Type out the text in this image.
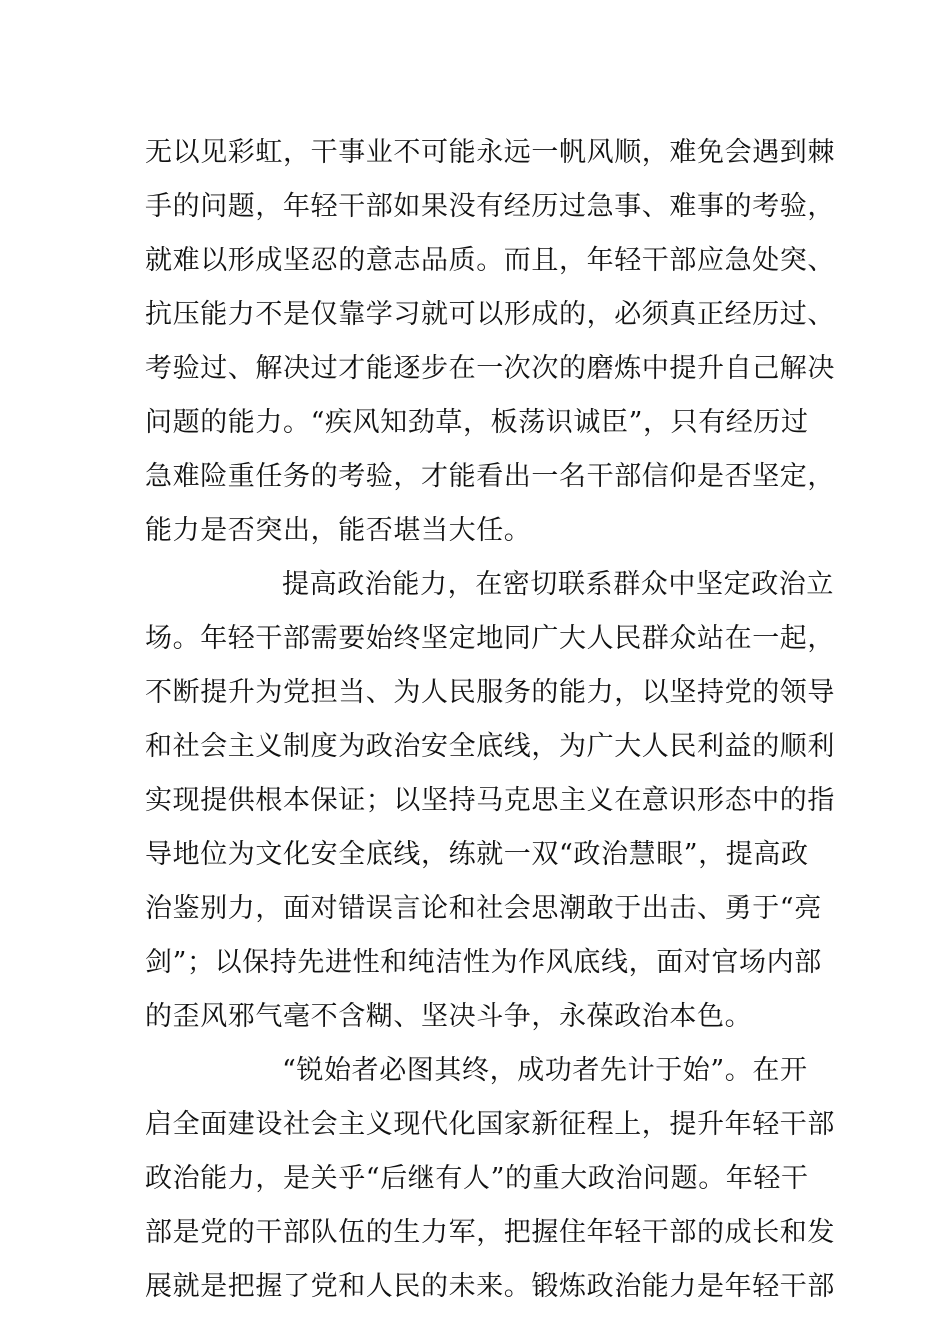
无以见彩虹，干事业不可能永远一帆风顺，难免会遇到棘
手的问题，年轻干部如果没有经历过急事、难事的考验，
就难以形成坚忍的意志品质。而且，年轻干部应急处突、
抗压能力不是仅靠学习就可以形成的，必须真正经历过、
考验过、解决过才能逐步在一次次的磨炼中提升自己解决
问题的能力。“疾风知劲草，板荡识诚臣”，只有经历过
急难险重任务的考验，才能看出一名干部信仰是否坚定，
能力是否突出，能否堪当大任。
提高政治能力，在密切联系群众中坚定政治立
场。年轻干部需要始终坚定地同广大人民群众站在一起，
不断提升为党担当、为人民服务的能力，以坚持党的领导
和社会主义制度为政治安全底线，为广大人民利益的顺利
实现提供根本保证；以坚持马克思主义在意识形态中的指
导地位为文化安全底线，练就一双“政治慧眼”，提高政
治鉴别力，面对错误言论和社会思潮敢于出击、勇于“亮
剑”；以保持先进性和纯洁性为作风底线，面对官场内部
的歪风邪气毫不含糊、坚决斗争，永葆政治本色。
“锐始者必图其终，成功者先计于始”。在开
启全面建设社会主义现代化国家新征程上，提升年轻干部
政治能力，是关乎“后继有人”的重大政治问题。年轻干
部是党的干部队伍的生力军，把握住年轻干部的成长和发
展就是把握了党和人民的未来。锻炼政治能力是年轻干部
